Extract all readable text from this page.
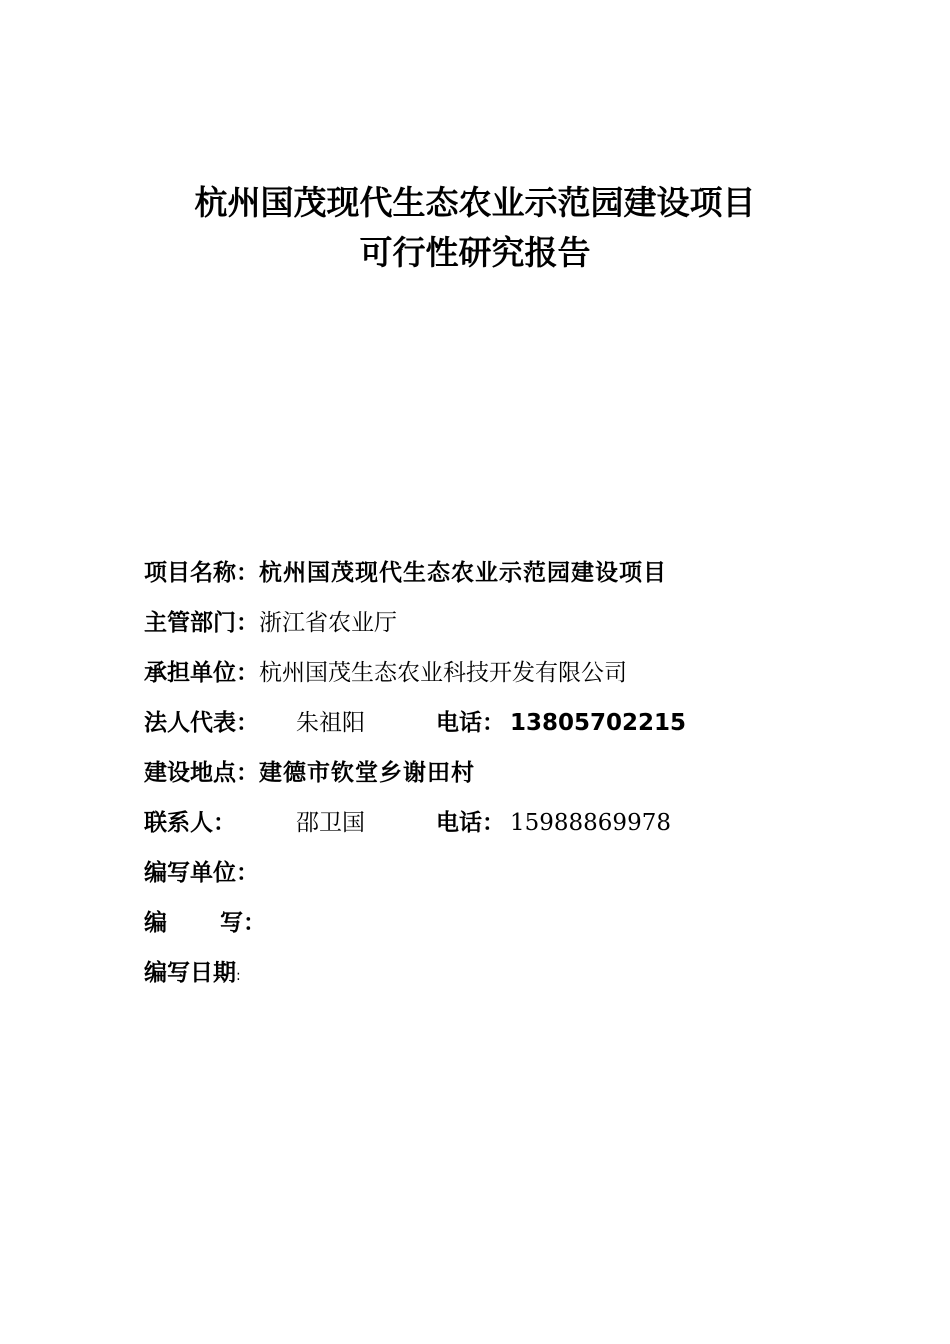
杭州国茂现代生态农业示范园建设项目
可行性研究报告
项目名称：杭州国茂现代生态农业示范园建设项目
主管部门：浙江省农业厅
承担单位：杭州国茂生态农业科技开发有限公司
法人代表： 朱祖阳	电话： 13805702215
建设地点：建德市钦堂乡谢田村
联系人：	邵卫国	电话： 15988869978
编写单位：
编 写：
编写日期:
